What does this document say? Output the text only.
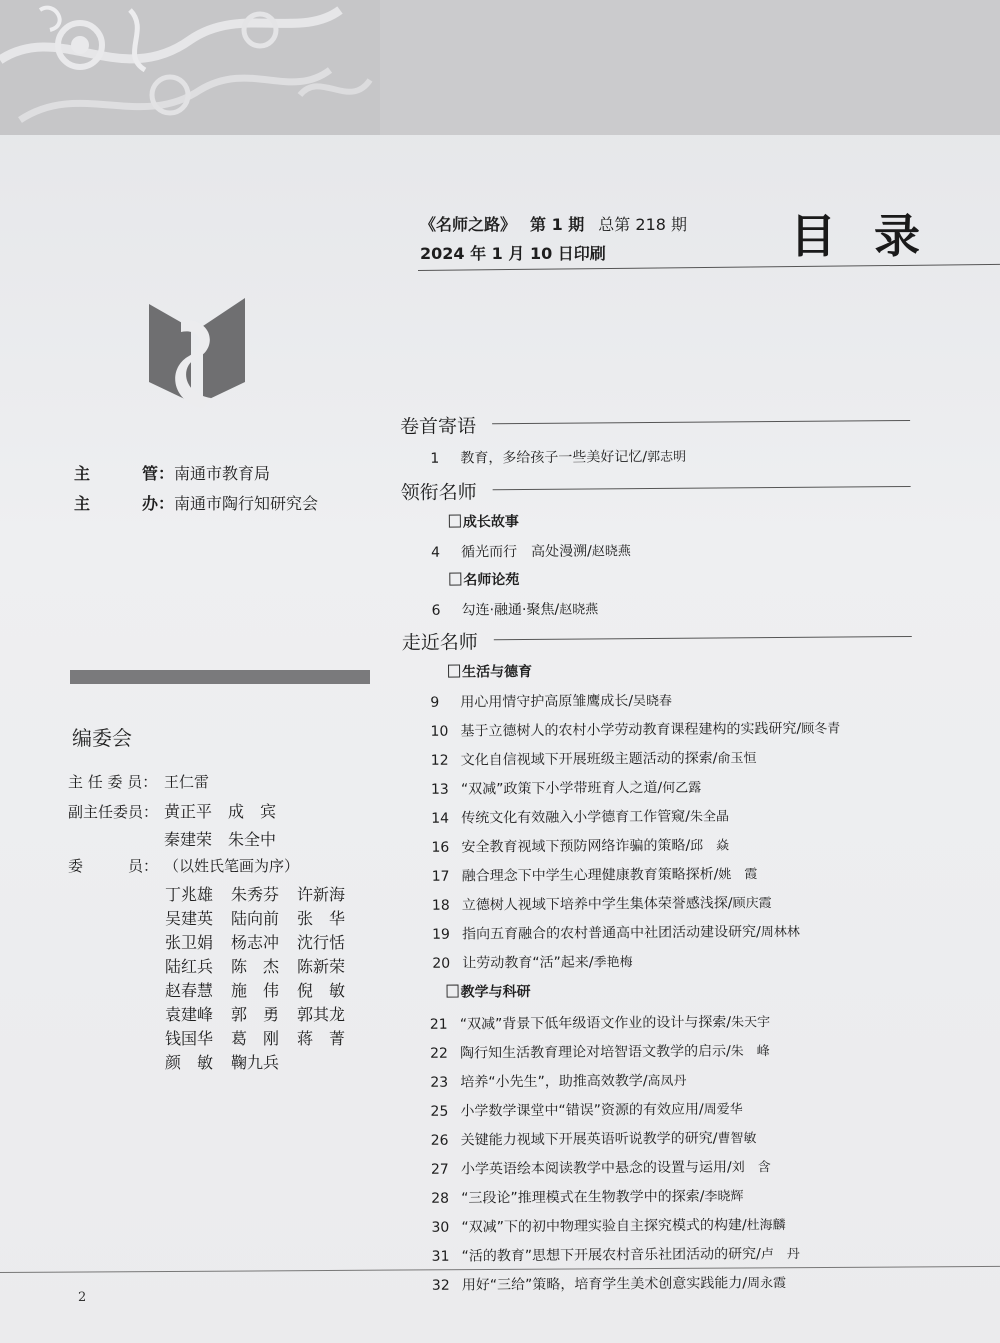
《名师之路》 第 1 期 总第 218 期
2024 年 1 月 10 日印刷	目录
主 管：南通市教育局
主 办：南通市陶行知研究会
编委会
主 任 委 员： 王仁雷
副主任委员： 黄正平　成　宾
秦建荣　朱全中
委　　　员： （以姓氏笔画为序）
丁兆雄	朱秀芬	许新海
吴建英	陆向前	张　华
张卫娟	杨志冲	沈行恬
陆红兵	陈　杰	陈新荣
赵春慧	施　伟	倪　敏
袁建峰	郭　勇	郭其龙
钱国华	葛　刚	蒋　菁
颜　敏	鞠九兵
卷首寄语
1 教育，多给孩子一些美好记忆/郭志明
领衔名师
成长故事
4 循光而行　高处漫溯/赵晓燕
名师论苑
6 勾连·融通·聚焦/赵晓燕
走近名师
生活与德育
9 用心用情守护高原雏鹰成长/吴晓春
10 基于立德树人的农村小学劳动教育课程建构的实践研究/顾冬青
12 文化自信视域下开展班级主题活动的探索/俞玉恒
13 “双减”政策下小学带班育人之道/何乙露
14 传统文化有效融入小学德育工作管窥/朱全晶
16 安全教育视域下预防网络诈骗的策略/邱　焱
17 融合理念下中学生心理健康教育策略探析/姚　霞
18 立德树人视域下培养中学生集体荣誉感浅探/顾庆霞
19 指向五育融合的农村普通高中社团活动建设研究/周林林
20 让劳动教育“活”起来/季艳梅
教学与科研
21 “双减”背景下低年级语文作业的设计与探索/朱天宇
22 陶行知生活教育理论对培智语文教学的启示/朱　峰
23 培养“小先生”，助推高效教学/高凤丹
25 小学数学课堂中“错误”资源的有效应用/周爱华
26 关键能力视域下开展英语听说教学的研究/曹智敏
27 小学英语绘本阅读教学中悬念的设置与运用/刘　含
28 “三段论”推理模式在生物教学中的探索/李晓辉
30 “双减”下的初中物理实验自主探究模式的构建/杜海麟
31 “活的教育”思想下开展农村音乐社团活动的研究/卢　丹
32 用好“三给”策略，培育学生美术创意实践能力/周永霞
2
